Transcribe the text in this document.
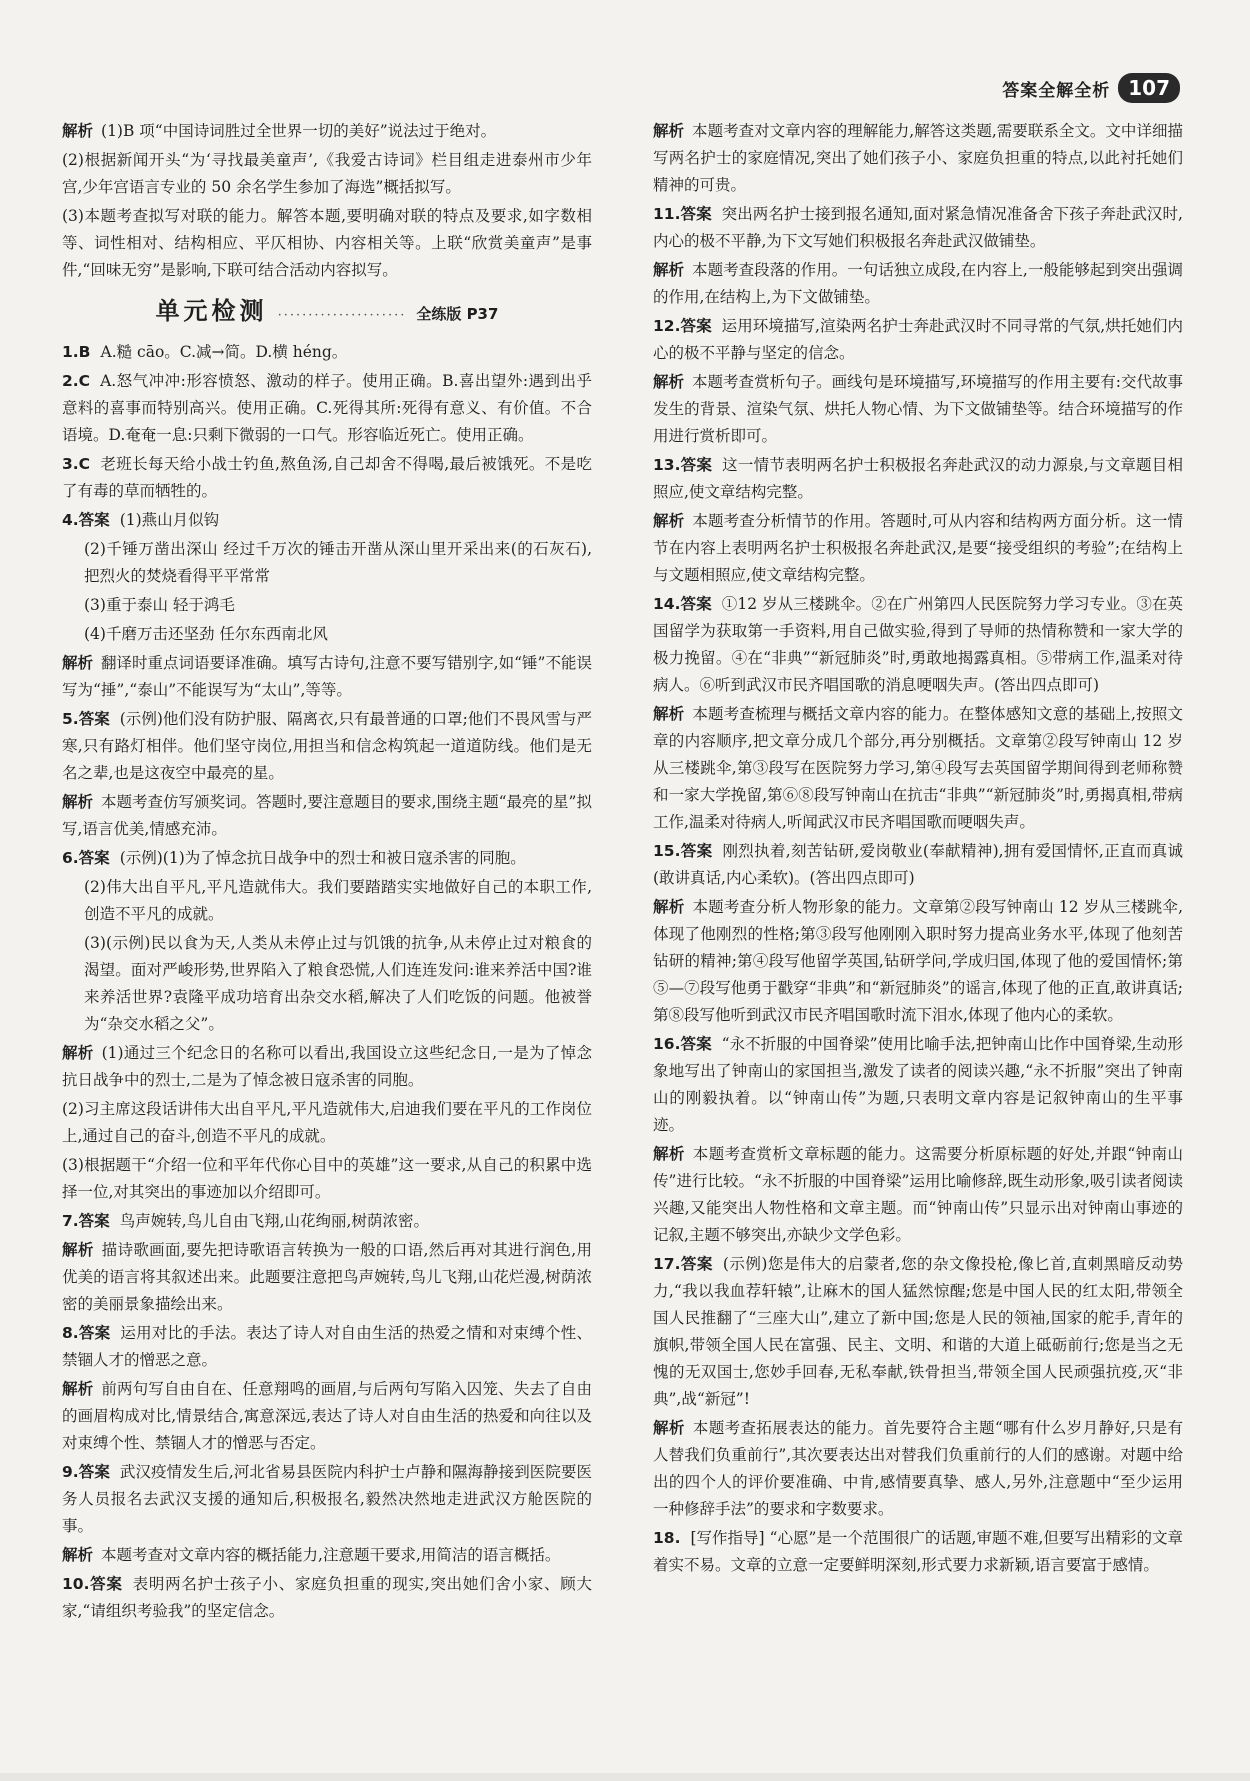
答案全解全析 107
解析 (1)B 项“中国诗词胜过全世界一切的美好”说法过于绝对。
(2)根据新闻开头“为‘寻找最美童声’,《我爱古诗词》栏目组走进泰州市少年宫,少年宫语言专业的 50 余名学生参加了海选”概括拟写。
(3)本题考查拟写对联的能力。解答本题,要明确对联的特点及要求,如字数相等、词性相对、结构相应、平仄相协、内容相关等。上联“欣赏美童声”是事件,“回味无穷”是影响,下联可结合活动内容拟写。
单元检测 ····················· 全练版 P37
1.B A.糙 cāo。C.减→简。D.横 héng。
2.C A.怒气冲冲:形容愤怒、激动的样子。使用正确。B.喜出望外:遇到出乎意料的喜事而特别高兴。使用正确。C.死得其所:死得有意义、有价值。不合语境。D.奄奄一息:只剩下微弱的一口气。形容临近死亡。使用正确。
3.C 老班长每天给小战士钓鱼,熬鱼汤,自己却舍不得喝,最后被饿死。不是吃了有毒的草而牺牲的。
4.答案 (1)燕山月似钩
(2)千锤万凿出深山 经过千万次的锤击开凿从深山里开采出来(的石灰石),把烈火的焚烧看得平平常常
(3)重于泰山 轻于鸿毛
(4)千磨万击还坚劲 任尔东西南北风
解析 翻译时重点词语要译准确。填写古诗句,注意不要写错别字,如“锤”不能误写为“捶”,“泰山”不能误写为“太山”,等等。
5.答案 (示例)他们没有防护服、隔离衣,只有最普通的口罩;他们不畏风雪与严寒,只有路灯相伴。他们坚守岗位,用担当和信念构筑起一道道防线。他们是无名之辈,也是这夜空中最亮的星。
解析 本题考查仿写颁奖词。答题时,要注意题目的要求,围绕主题“最亮的星”拟写,语言优美,情感充沛。
6.答案 (示例)(1)为了悼念抗日战争中的烈士和被日寇杀害的同胞。
(2)伟大出自平凡,平凡造就伟大。我们要踏踏实实地做好自己的本职工作,创造不平凡的成就。
(3)(示例)民以食为天,人类从未停止过与饥饿的抗争,从未停止过对粮食的渴望。面对严峻形势,世界陷入了粮食恐慌,人们连连发问:谁来养活中国?谁来养活世界?袁隆平成功培育出杂交水稻,解决了人们吃饭的问题。他被誉为“杂交水稻之父”。
解析 (1)通过三个纪念日的名称可以看出,我国设立这些纪念日,一是为了悼念抗日战争中的烈士,二是为了悼念被日寇杀害的同胞。
(2)习主席这段话讲伟大出自平凡,平凡造就伟大,启迪我们要在平凡的工作岗位上,通过自己的奋斗,创造不平凡的成就。
(3)根据题干“介绍一位和平年代你心目中的英雄”这一要求,从自己的积累中选择一位,对其突出的事迹加以介绍即可。
7.答案 鸟声婉转,鸟儿自由飞翔,山花绚丽,树荫浓密。
解析 描诗歌画面,要先把诗歌语言转换为一般的口语,然后再对其进行润色,用优美的语言将其叙述出来。此题要注意把鸟声婉转,鸟儿飞翔,山花烂漫,树荫浓密的美丽景象描绘出来。
8.答案 运用对比的手法。表达了诗人对自由生活的热爱之情和对束缚个性、禁锢人才的憎恶之意。
解析 前两句写自由自在、任意翔鸣的画眉,与后两句写陷入囚笼、失去了自由的画眉构成对比,情景结合,寓意深远,表达了诗人对自由生活的热爱和向往以及对束缚个性、禁锢人才的憎恶与否定。
9.答案 武汉疫情发生后,河北省易县医院内科护士卢静和隰海静接到医院要医务人员报名去武汉支援的通知后,积极报名,毅然决然地走进武汉方舱医院的事。
解析 本题考查对文章内容的概括能力,注意题干要求,用简洁的语言概括。
10.答案 表明两名护士孩子小、家庭负担重的现实,突出她们舍小家、顾大家,“请组织考验我”的坚定信念。
解析 本题考查对文章内容的理解能力,解答这类题,需要联系全文。文中详细描写两名护士的家庭情况,突出了她们孩子小、家庭负担重的特点,以此衬托她们精神的可贵。
11.答案 突出两名护士接到报名通知,面对紧急情况准备舍下孩子奔赴武汉时,内心的极不平静,为下文写她们积极报名奔赴武汉做铺垫。
解析 本题考查段落的作用。一句话独立成段,在内容上,一般能够起到突出强调的作用,在结构上,为下文做铺垫。
12.答案 运用环境描写,渲染两名护士奔赴武汉时不同寻常的气氛,烘托她们内心的极不平静与坚定的信念。
解析 本题考查赏析句子。画线句是环境描写,环境描写的作用主要有:交代故事发生的背景、渲染气氛、烘托人物心情、为下文做铺垫等。结合环境描写的作用进行赏析即可。
13.答案 这一情节表明两名护士积极报名奔赴武汉的动力源泉,与文章题目相照应,使文章结构完整。
解析 本题考查分析情节的作用。答题时,可从内容和结构两方面分析。这一情节在内容上表明两名护士积极报名奔赴武汉,是要“接受组织的考验”;在结构上与文题相照应,使文章结构完整。
14.答案 ①12 岁从三楼跳伞。②在广州第四人民医院努力学习专业。③在英国留学为获取第一手资料,用自己做实验,得到了导师的热情称赞和一家大学的极力挽留。④在“非典”“新冠肺炎”时,勇敢地揭露真相。⑤带病工作,温柔对待病人。⑥听到武汉市民齐唱国歌的消息哽咽失声。(答出四点即可)
解析 本题考查梳理与概括文章内容的能力。在整体感知文意的基础上,按照文章的内容顺序,把文章分成几个部分,再分别概括。文章第②段写钟南山 12 岁从三楼跳伞,第③段写在医院努力学习,第④段写去英国留学期间得到老师称赞和一家大学挽留,第⑥⑧段写钟南山在抗击“非典”“新冠肺炎”时,勇揭真相,带病工作,温柔对待病人,听闻武汉市民齐唱国歌而哽咽失声。
15.答案 刚烈执着,刻苦钻研,爱岗敬业(奉献精神),拥有爱国情怀,正直而真诚(敢讲真话,内心柔软)。(答出四点即可)
解析 本题考查分析人物形象的能力。文章第②段写钟南山 12 岁从三楼跳伞,体现了他刚烈的性格;第③段写他刚刚入职时努力提高业务水平,体现了他刻苦钻研的精神;第④段写他留学英国,钻研学问,学成归国,体现了他的爱国情怀;第⑤—⑦段写他勇于戳穿“非典”和“新冠肺炎”的谣言,体现了他的正直,敢讲真话;第⑧段写他听到武汉市民齐唱国歌时流下泪水,体现了他内心的柔软。
16.答案 “永不折服的中国脊梁”使用比喻手法,把钟南山比作中国脊梁,生动形象地写出了钟南山的家国担当,激发了读者的阅读兴趣,“永不折服”突出了钟南山的刚毅执着。以“钟南山传”为题,只表明文章内容是记叙钟南山的生平事迹。
解析 本题考查赏析文章标题的能力。这需要分析原标题的好处,并跟“钟南山传”进行比较。“永不折服的中国脊梁”运用比喻修辞,既生动形象,吸引读者阅读兴趣,又能突出人物性格和文章主题。而“钟南山传”只显示出对钟南山事迹的记叙,主题不够突出,亦缺少文学色彩。
17.答案 (示例)您是伟大的启蒙者,您的杂文像投枪,像匕首,直刺黑暗反动势力,“我以我血荐轩辕”,让麻木的国人猛然惊醒;您是中国人民的红太阳,带领全国人民推翻了“三座大山”,建立了新中国;您是人民的领袖,国家的舵手,青年的旗帜,带领全国人民在富强、民主、文明、和谐的大道上砥砺前行;您是当之无愧的无双国士,您妙手回春,无私奉献,铁骨担当,带领全国人民顽强抗疫,灭“非典”,战“新冠”!
解析 本题考查拓展表达的能力。首先要符合主题“哪有什么岁月静好,只是有人替我们负重前行”,其次要表达出对替我们负重前行的人们的感谢。对题中给出的四个人的评价要准确、中肯,感情要真挚、感人,另外,注意题中“至少运用一种修辞手法”的要求和字数要求。
18. [写作指导] “心愿”是一个范围很广的话题,审题不难,但要写出精彩的文章着实不易。文章的立意一定要鲜明深刻,形式要力求新颖,语言要富于感情。
